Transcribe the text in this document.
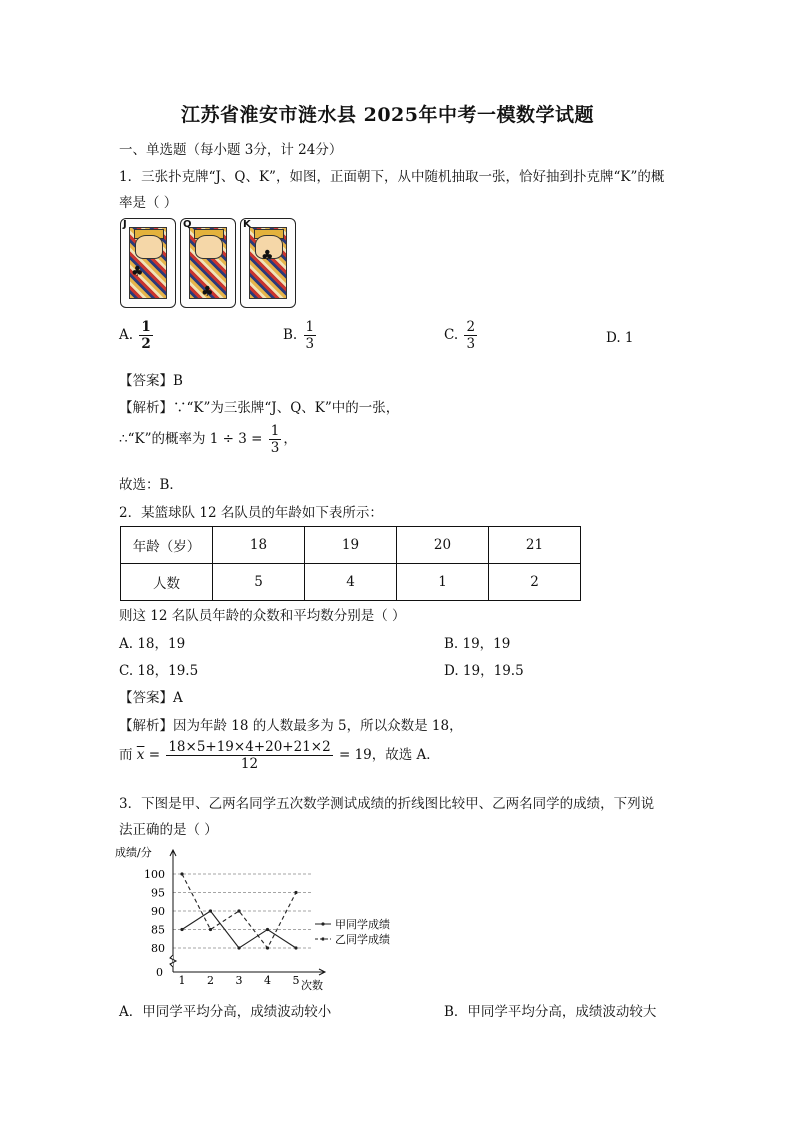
江苏省淮安市涟水县 2025年中考一模数学试题
一、单选题（每小题 3分，计 24分）
1．三张扑克牌“J、Q、K”，如图，正面朝下，从中随机抽取一张，恰好抽到扑克牌“K”的概
率是（ ）
J
♣
Q
♣
K
♣
A. $\frac{1}{2}$	B. $\frac{1}{3}$	C. $\frac{2}{3}$	D. 1
【答案】B
【解析】∵“K”为三张牌“J、Q、K”中的一张，
∴“K”的概率为 $1 \div 3 = \frac{1}{3}$ ，
故选：B．
2．某篮球队 12 名队员的年龄如下表所示：
年龄（岁）	18	19	20	21
人数	5	4	1	2
则这 12 名队员年龄的众数和平均数分别是（ ）
A. 18，19	B. 19，19
C. 18，19.5	D. 19，19.5
【答案】A
【解析】因为年龄 18 的人数最多为 5，所以众数是 18，
而 $\overline{x} = \frac{18\times 5+19\times 4+20+21\times 2}{12} = 19$，故选 A．
3．下图是甲、乙两名同学五次数学测试成绩的折线图比较甲、乙两名同学的成绩，下列说
法正确的是（ ）
成绩/分
次数
0
80
85
90
95
100
1 2 3 4 5
甲同学成绩
乙同学成绩
A．甲同学平均分高，成绩波动较小	B．甲同学平均分高，成绩波动较大
